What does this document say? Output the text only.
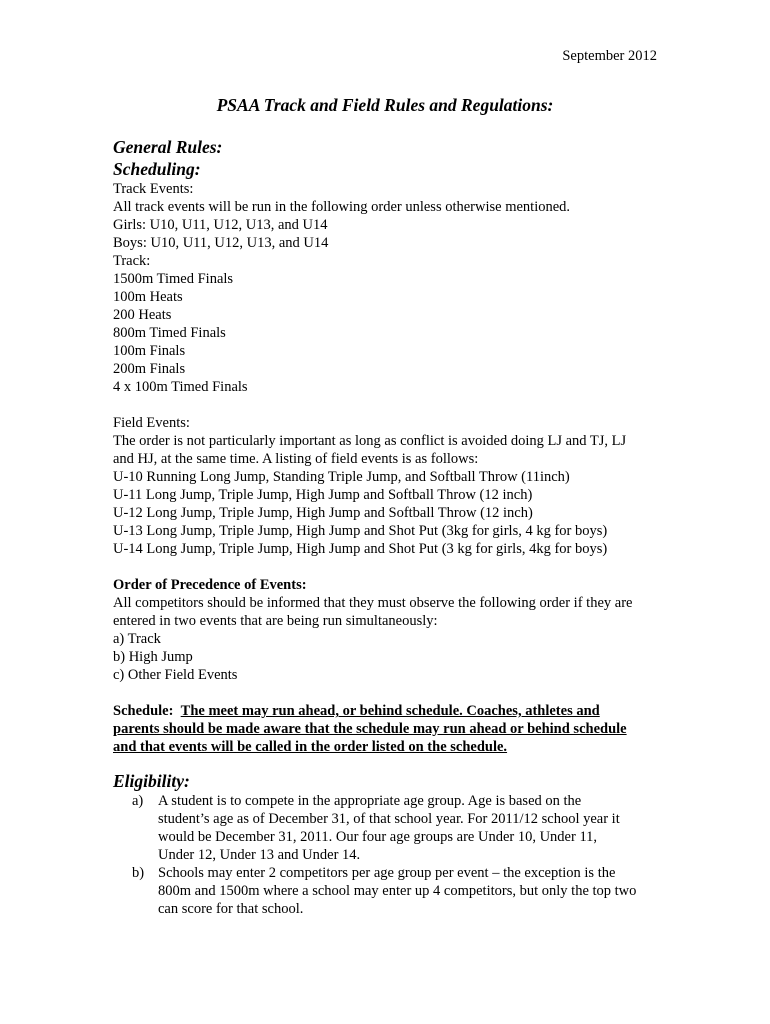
September 2012
PSAA Track and Field Rules and Regulations:
General Rules:
Scheduling:
Track Events:
All track events will be run in the following order unless otherwise mentioned.
Girls: U10, U11, U12, U13, and U14
Boys: U10, U11, U12, U13, and U14
Track:
1500m Timed Finals
100m Heats
200 Heats
800m Timed Finals
100m Finals
200m Finals
4 x 100m Timed Finals
Field Events:
The order is not particularly important as long as conflict is avoided doing LJ and TJ, LJ
and HJ, at the same time. A listing of field events is as follows:
U-10 Running Long Jump, Standing Triple Jump, and Softball Throw (11inch)
U-11 Long Jump, Triple Jump, High Jump and Softball Throw (12 inch)
U-12 Long Jump, Triple Jump, High Jump and Softball Throw (12 inch)
U-13 Long Jump, Triple Jump, High Jump and Shot Put (3kg for girls, 4 kg for boys)
U-14 Long Jump, Triple Jump, High Jump and Shot Put (3 kg for girls, 4kg for boys)
Order of Precedence of Events:
All competitors should be informed that they must observe the following order if they are
entered in two events that are being run simultaneously:
a) Track
b) High Jump
c) Other Field Events
Schedule: The meet may run ahead, or behind schedule. Coaches, athletes and
parents should be made aware that the schedule may run ahead or behind schedule
and that events will be called in the order listed on the schedule.
Eligibility:
a) A student is to compete in the appropriate age group. Age is based on the
student’s age as of December 31, of that school year. For 2011/12 school year it
would be December 31, 2011. Our four age groups are Under 10, Under 11,
Under 12, Under 13 and Under 14.
b) Schools may enter 2 competitors per age group per event – the exception is the
800m and 1500m where a school may enter up 4 competitors, but only the top two
can score for that school.
